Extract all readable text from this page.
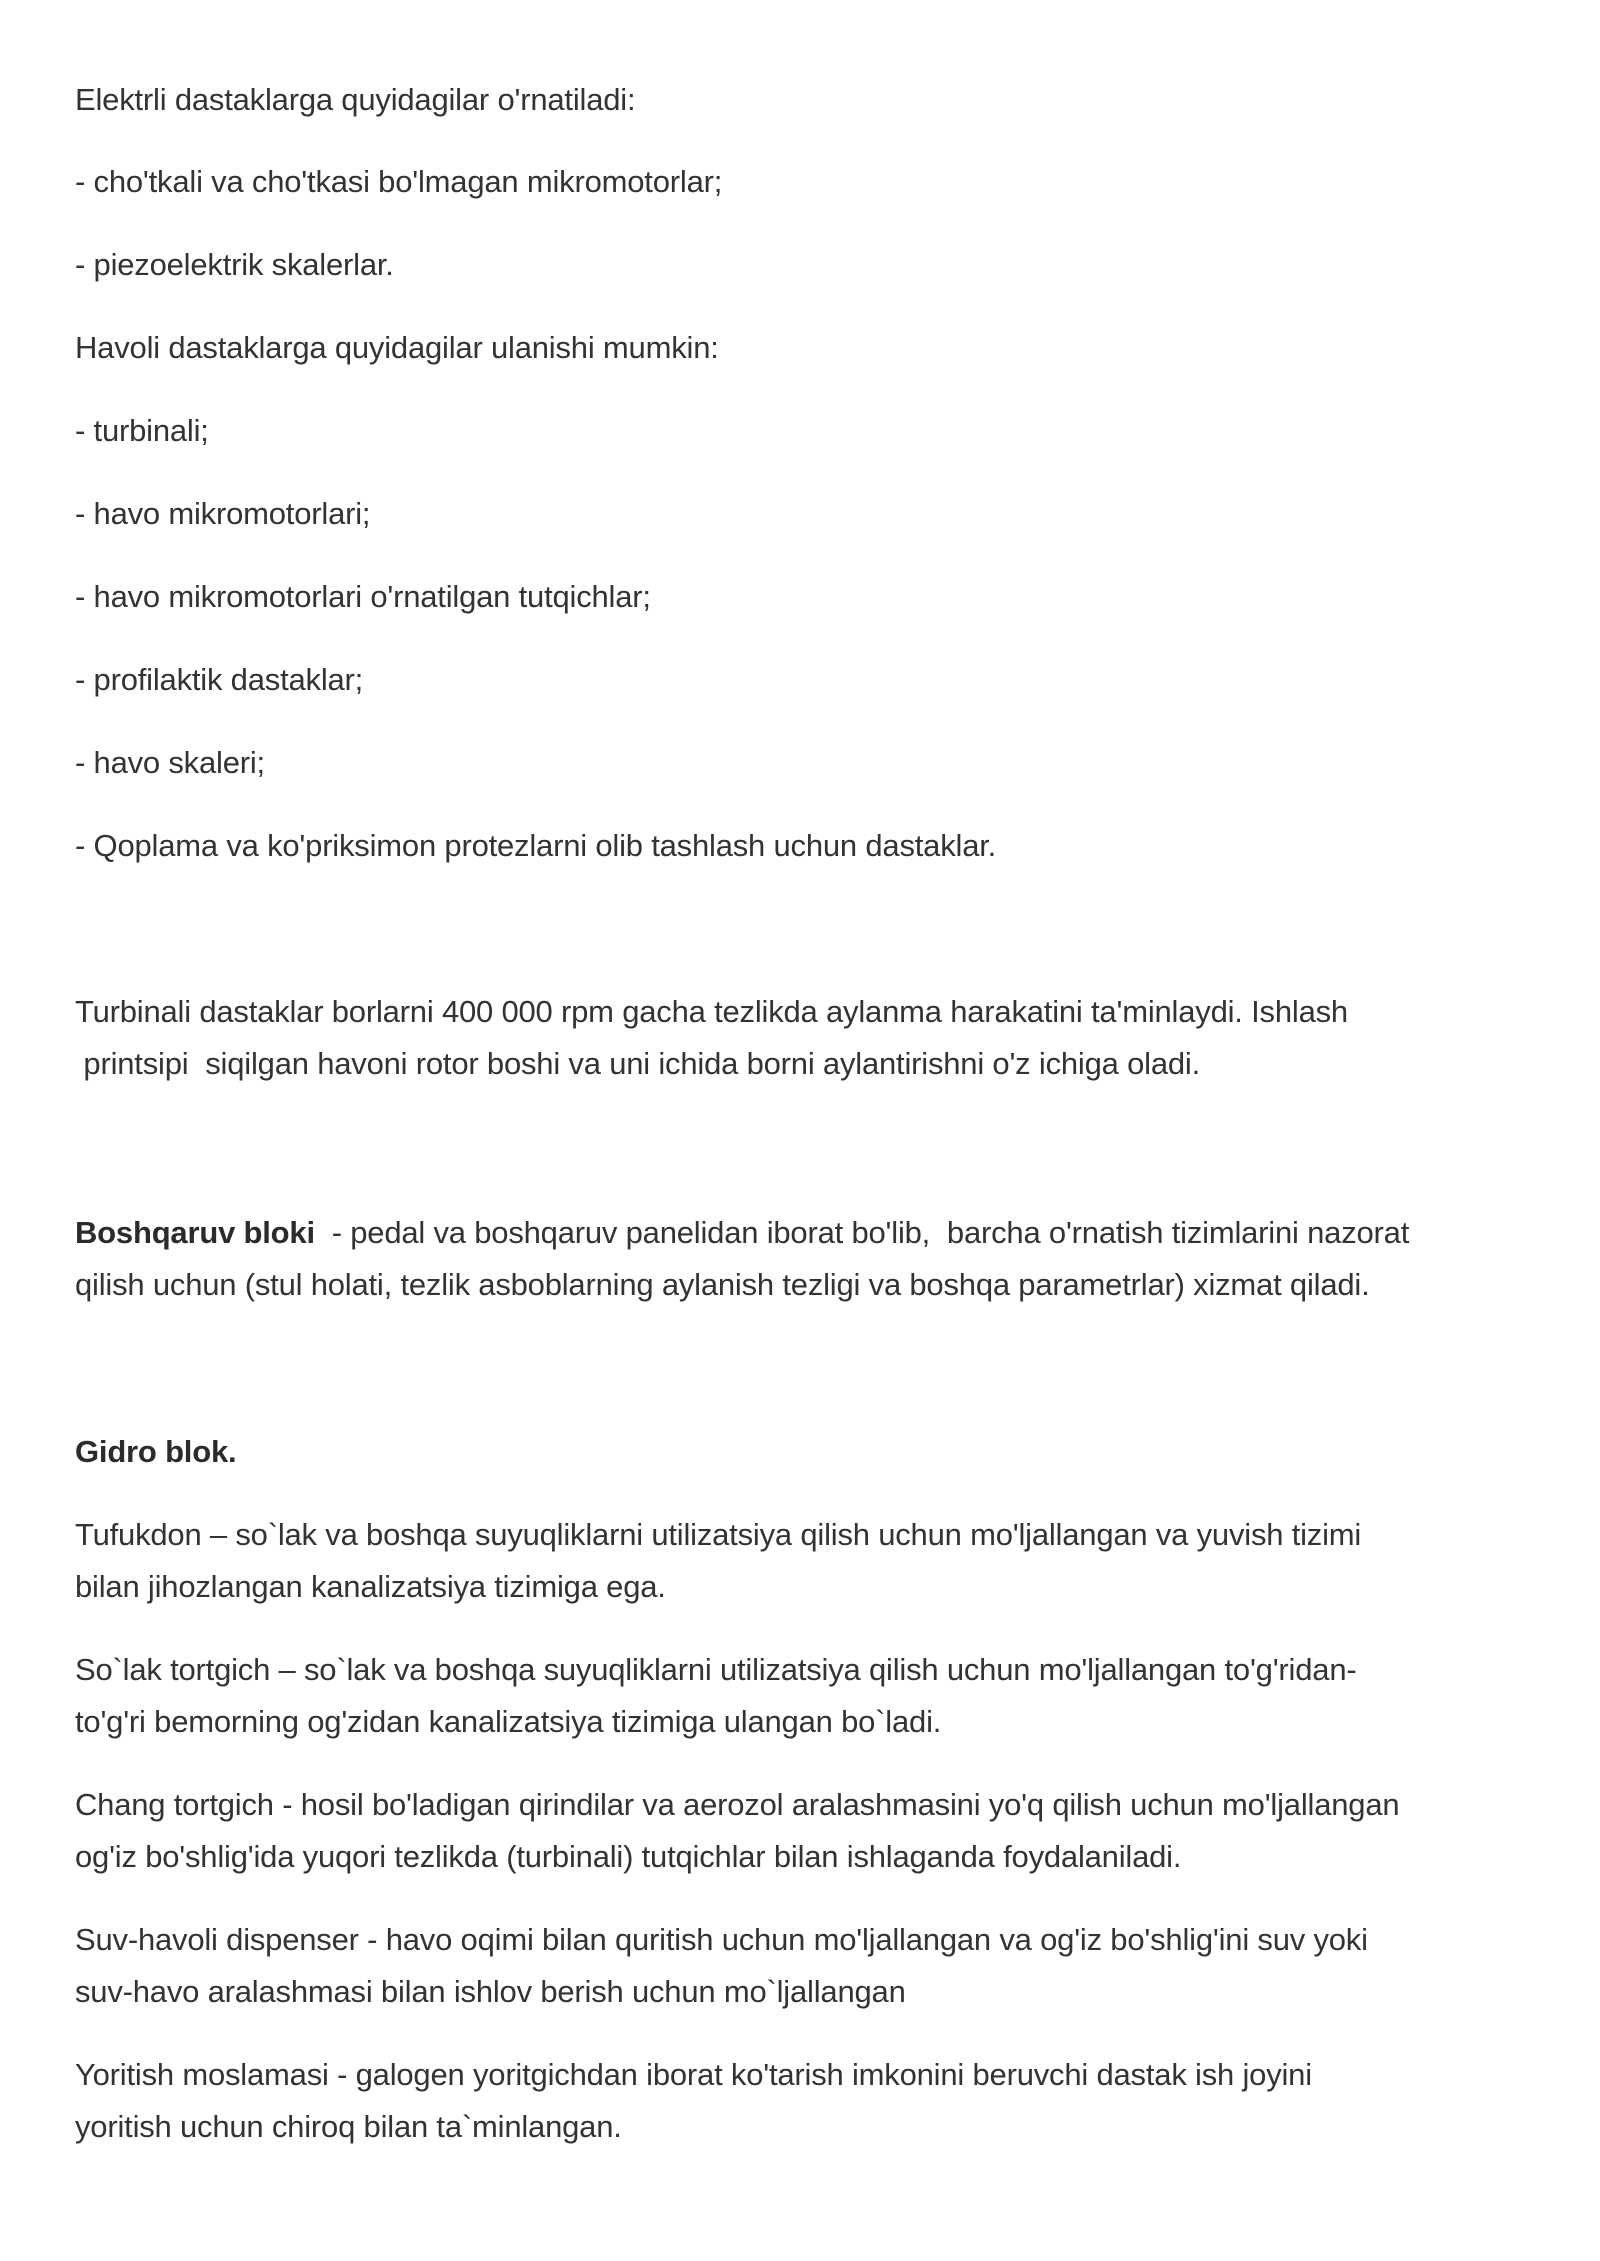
Elektrli dastaklarga quyidagilar o'rnatiladi:
- cho'tkali va cho'tkasi bo'lmagan mikromotorlar;
- piezoelektrik skalerlar.
Havoli dastaklarga quyidagilar ulanishi mumkin:
- turbinali;
- havo mikromotorlari;
- havo mikromotorlari o'rnatilgan tutqichlar;
- profilaktik dastaklar;
- havo skaleri;
- Qoplama va ko'priksimon protezlarni olib tashlash uchun dastaklar.
Turbinali dastaklar borlarni 400 000 rpm gacha tezlikda aylanma harakatini ta'minlaydi. Ishlash
printsipi  siqilgan havoni rotor boshi va uni ichida borni aylantirishni o'z ichiga oladi.
Boshqaruv bloki  - pedal va boshqaruv panelidan iborat bo'lib,  barcha o'rnatish tizimlarini nazorat
qilish uchun (stul holati, tezlik asboblarning aylanish tezligi va boshqa parametrlar) xizmat qiladi.
Gidro blok.
Tufukdon – so`lak va boshqa suyuqliklarni utilizatsiya qilish uchun mo'ljallangan va yuvish tizimi
bilan jihozlangan kanalizatsiya tizimiga ega.
So`lak tortgich – so`lak va boshqa suyuqliklarni utilizatsiya qilish uchun mo'ljallangan to'g'ridan-
to'g'ri bemorning og'zidan kanalizatsiya tizimiga ulangan bo`ladi.
Chang tortgich - hosil bo'ladigan qirindilar va aerozol aralashmasini yo'q qilish uchun mo'ljallangan
og'iz bo'shlig'ida yuqori tezlikda (turbinali) tutqichlar bilan ishlaganda foydalaniladi.
Suv-havoli dispenser - havo oqimi bilan quritish uchun mo'ljallangan va og'iz bo'shlig'ini suv yoki
suv-havo aralashmasi bilan ishlov berish uchun mo`ljallangan
Yoritish moslamasi - galogen yoritgichdan iborat ko'tarish imkonini beruvchi dastak ish joyini
yoritish uchun chiroq bilan ta`minlangan.
